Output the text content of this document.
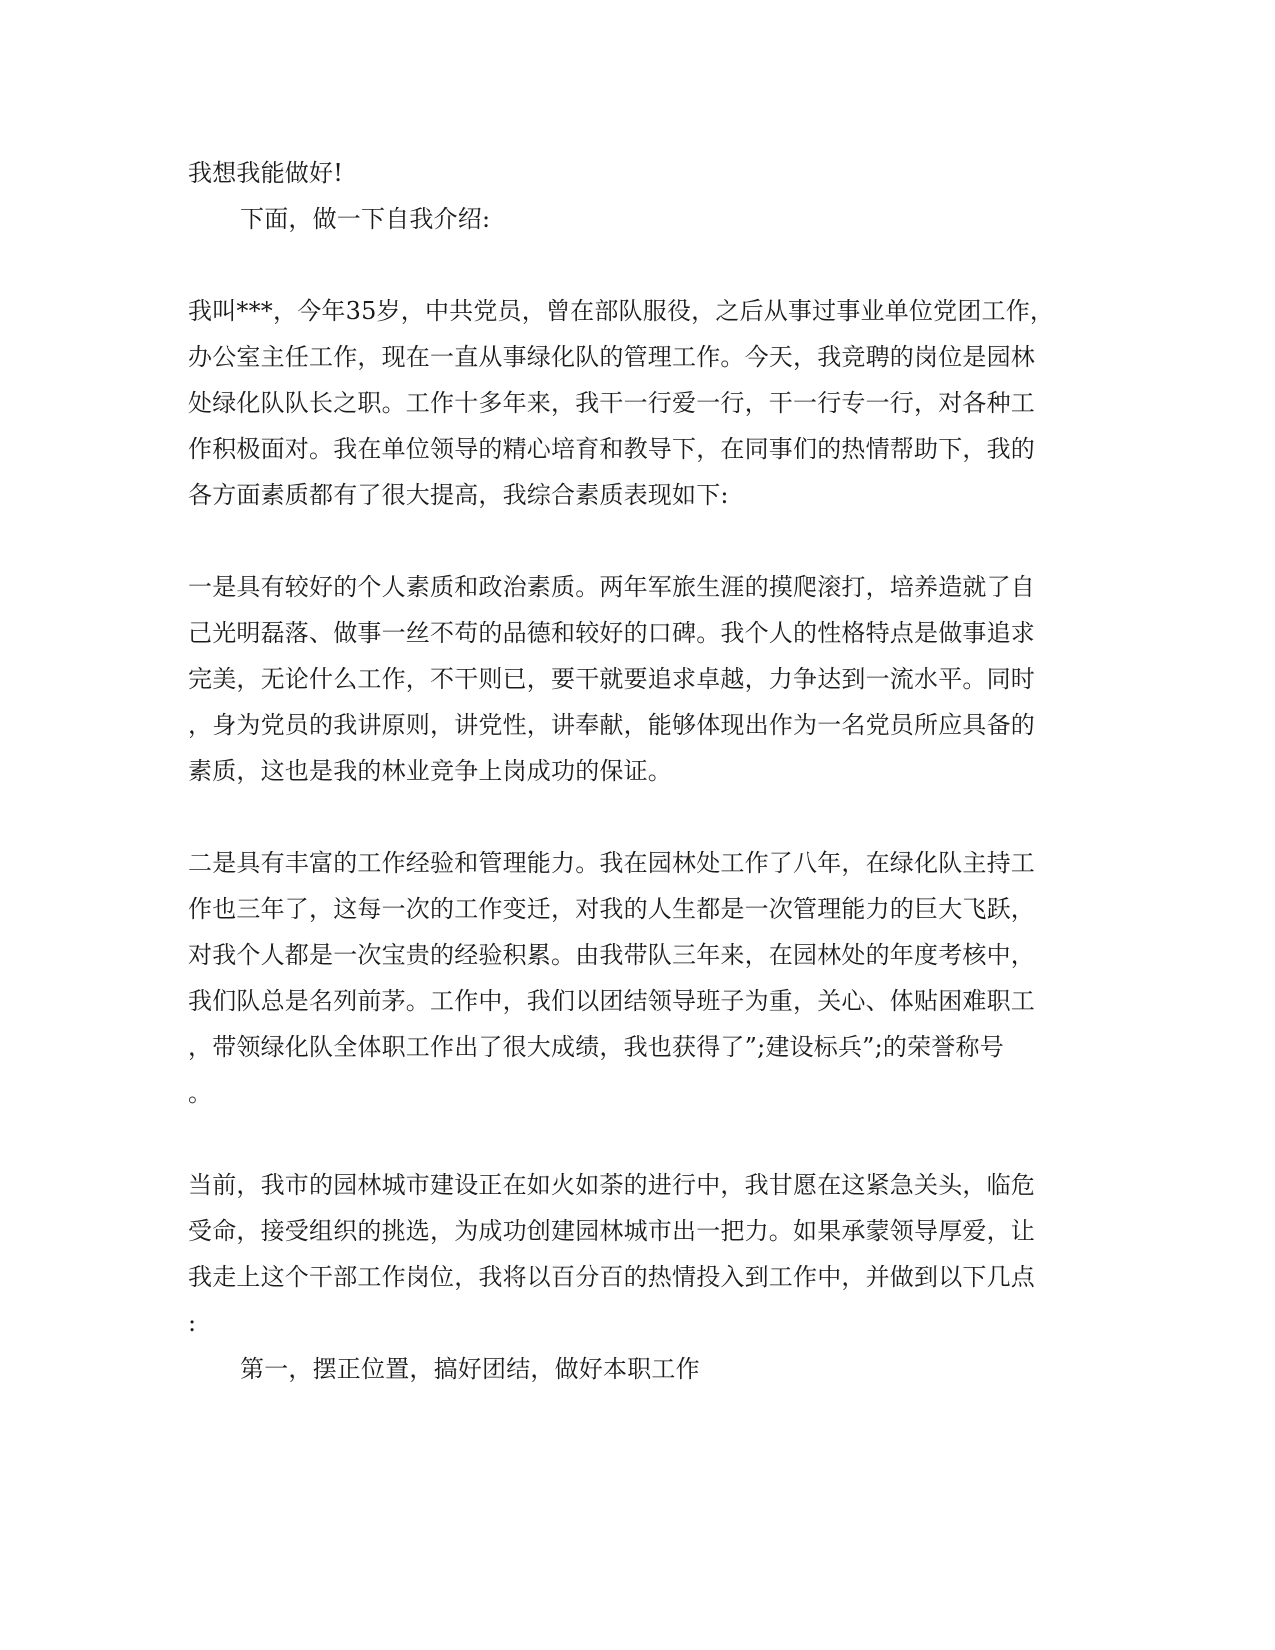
我想我能做好!
下面，做一下自我介绍:
我叫***，今年35岁，中共党员，曾在部队服役，之后从事过事业单位党团工作，
办公室主任工作，现在一直从事绿化队的管理工作。今天，我竞聘的岗位是园林
处绿化队队长之职。工作十多年来，我干一行爱一行，干一行专一行，对各种工
作积极面对。我在单位领导的精心培育和教导下，在同事们的热情帮助下，我的
各方面素质都有了很大提高，我综合素质表现如下:
一是具有较好的个人素质和政治素质。两年军旅生涯的摸爬滚打，培养造就了自
己光明磊落、做事一丝不苟的品德和较好的口碑。我个人的性格特点是做事追求
完美，无论什么工作，不干则已，要干就要追求卓越，力争达到一流水平。同时
，身为党员的我讲原则，讲党性，讲奉献，能够体现出作为一名党员所应具备的
素质，这也是我的林业竞争上岗成功的保证。
二是具有丰富的工作经验和管理能力。我在园林处工作了八年，在绿化队主持工
作也三年了，这每一次的工作变迁，对我的人生都是一次管理能力的巨大飞跃，
对我个人都是一次宝贵的经验积累。由我带队三年来，在园林处的年度考核中，
我们队总是名列前茅。工作中，我们以团结领导班子为重，关心、体贴困难职工
，带领绿化队全体职工作出了很大成绩，我也获得了”;建设标兵”;的荣誉称号
。
当前，我市的园林城市建设正在如火如荼的进行中，我甘愿在这紧急关头，临危
受命，接受组织的挑选，为成功创建园林城市出一把力。如果承蒙领导厚爱，让
我走上这个干部工作岗位，我将以百分百的热情投入到工作中，并做到以下几点
:
第一，摆正位置，搞好团结，做好本职工作
